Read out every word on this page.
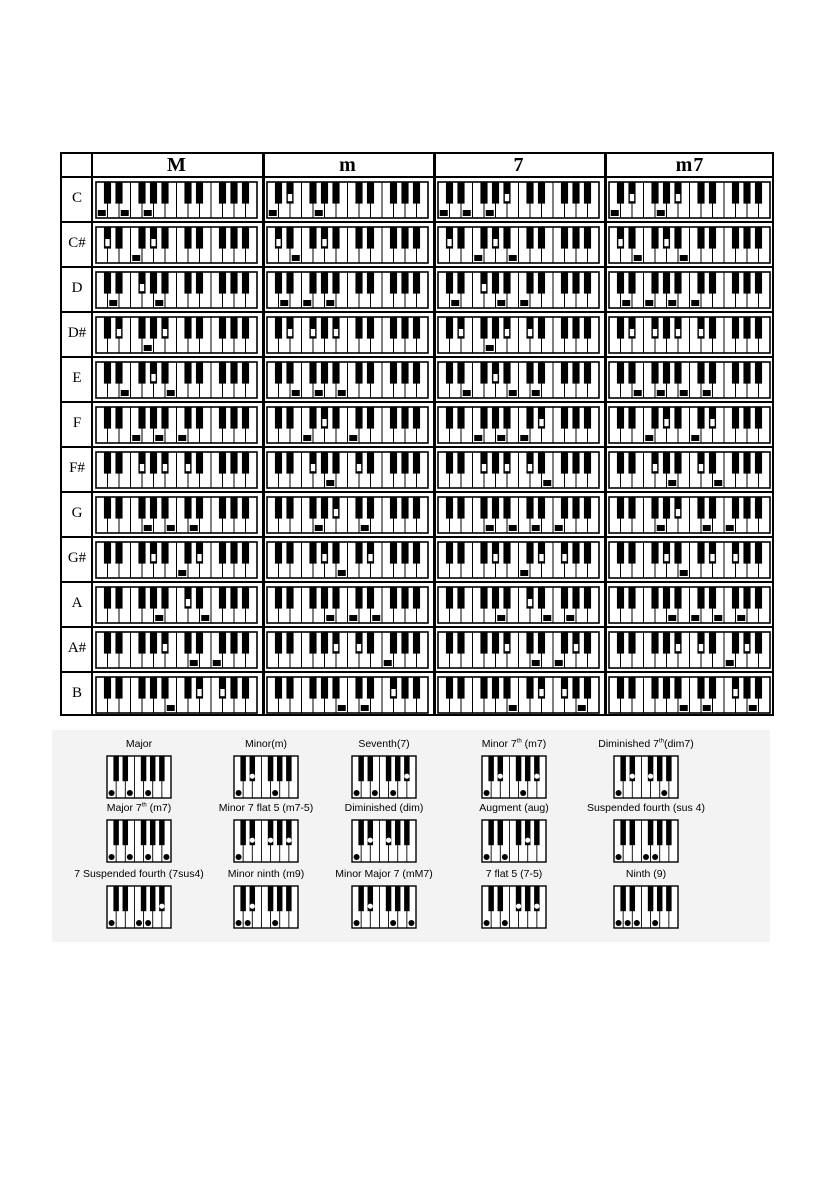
M	m	7	m7
C
C#
D
D#
E
F
F#
G
G#
A
A#
B
Major	Minor(m)	Seventh(7)	Minor 7th (m7)	Diminished 7th(dim7)
Major 7th (m7)	Minor 7 flat 5 (m7-5)	Diminished (dim)	Augment (aug)	Suspended fourth (sus 4)
7 Suspended fourth (7sus4)	Minor ninth (m9)	Minor Major 7 (mM7)	7 flat 5 (7-5)	Ninth (9)
